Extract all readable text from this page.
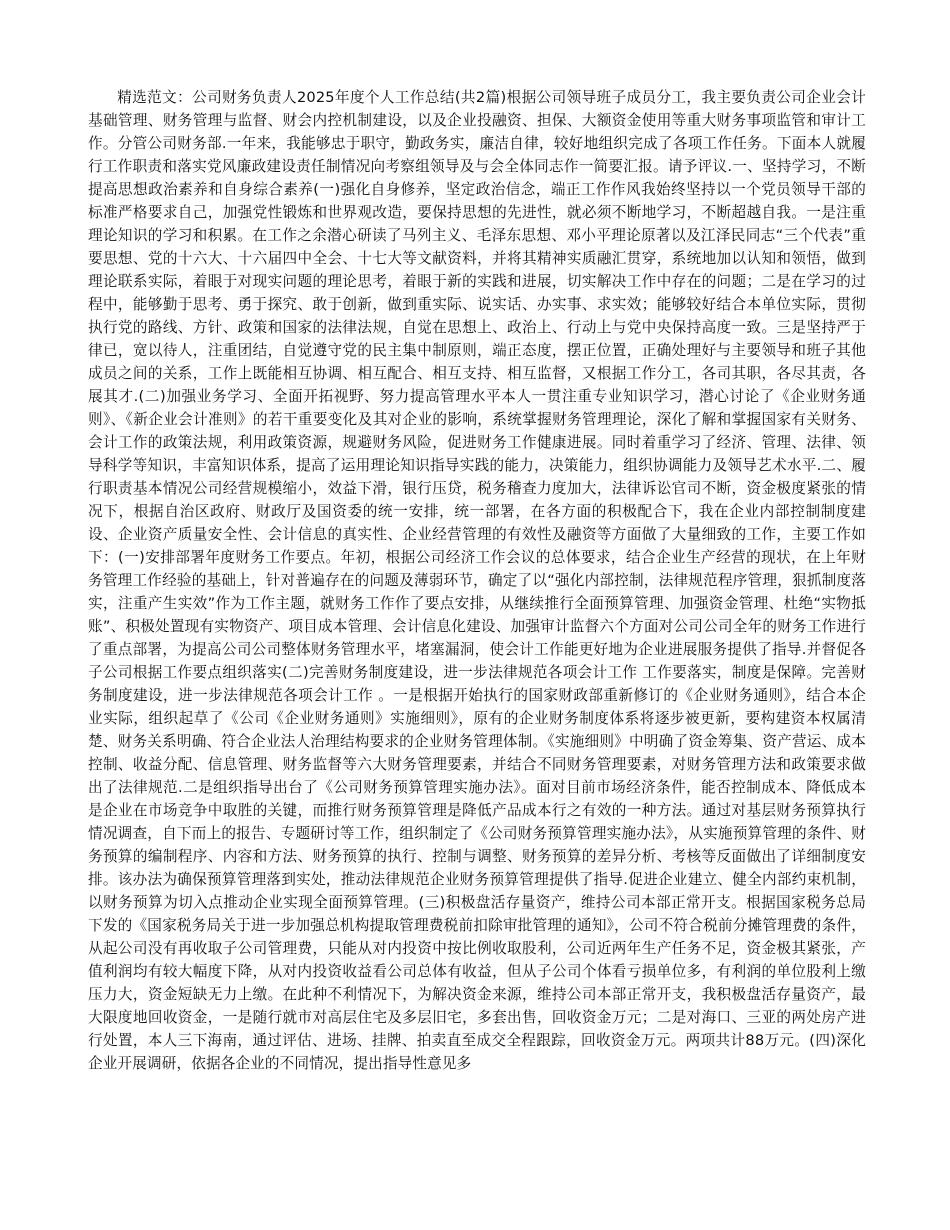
精选范文：公司财务负责人2025年度个人工作总结(共2篇)根据公司领导班子成员分工，我主要负责公司企业会计基础管理、财务管理与监督、财会内控机制建设，以及企业投融资、担保、大额资金使用等重大财务事项监管和审计工作。分管公司财务部.一年来，我能够忠于职守，勤政务实，廉洁自律，较好地组织完成了各项工作任务。下面本人就履行工作职责和落实党风廉政建设责任制情况向考察组领导及与会全体同志作一简要汇报。请予评议.一、坚持学习，不断提高思想政治素养和自身综合素养(一)强化自身修养，坚定政治信念，端正工作作风我始终坚持以一个党员领导干部的标准严格要求自己，加强党性锻炼和世界观改造，要保持思想的先进性，就必须不断地学习，不断超越自我。一是注重理论知识的学习和积累。在工作之余潜心研读了马列主义、毛泽东思想、邓小平理论原著以及江泽民同志“三个代表”重要思想、党的十六大、十六届四中全会、十七大等文献资料，并将其精神实质融汇贯穿，系统地加以认知和领悟，做到理论联系实际，着眼于对现实问题的理论思考，着眼于新的实践和进展，切实解决工作中存在的问题；二是在学习的过程中，能够勤于思考、勇于探究、敢于创新，做到重实际、说实话、办实事、求实效；能够较好结合本单位实际，贯彻执行党的路线、方针、政策和国家的法律法规，自觉在思想上、政治上、行动上与党中央保持高度一致。三是坚持严于律已，宽以待人，注重团结，自觉遵守党的民主集中制原则，端正态度，摆正位置，正确处理好与主要领导和班子其他成员之间的关系，工作上既能相互协调、相互配合、相互支持、相互监督，又根据工作分工，各司其职，各尽其责，各展其才.(二)加强业务学习、全面开拓视野、努力提高管理水平本人一贯注重专业知识学习，潜心讨论了《企业财务通则》、《新企业会计准则》的若干重要变化及其对企业的影响，系统掌握财务管理理论，深化了解和掌握国家有关财务、会计工作的政策法规，利用政策资源，规避财务风险，促进财务工作健康进展。同时着重学习了经济、管理、法律、领导科学等知识，丰富知识体系，提高了运用理论知识指导实践的能力，决策能力，组织协调能力及领导艺术水平.二、履行职责基本情况公司经营规模缩小，效益下滑，银行压贷，税务稽查力度加大，法律诉讼官司不断，资金极度紧张的情况下，根据自治区政府、财政厅及国资委的统一安排，统一部署，在各方面的积极配合下，我在企业内部控制制度建设、企业资产质量安全性、会计信息的真实性、企业经营管理的有效性及融资等方面做了大量细致的工作，主要工作如下：(一)安排部署年度财务工作要点。年初，根据公司经济工作会议的总体要求，结合企业生产经营的现状，在上年财务管理工作经验的基础上，针对普遍存在的问题及薄弱环节，确定了以“强化内部控制，法律规范程序管理，狠抓制度落实，注重产生实效”作为工作主题，就财务工作作了要点安排，从继续推行全面预算管理、加强资金管理、杜绝“实物抵账”、积极处置现有实物资产、项目成本管理、会计信息化建设、加强审计监督六个方面对公司公司全年的财务工作进行了重点部署，为提高公司公司整体财务管理水平，堵塞漏洞，使会计工作能更好地为企业进展服务提供了指导.并督促各子公司根据工作要点组织落实(二)完善财务制度建设，进一步法律规范各项会计工作 工作要落实，制度是保障。完善财务制度建设，进一步法律规范各项会计工作 。一是根据开始执行的国家财政部重新修订的《企业财务通则》，结合本企业实际，组织起草了《公司《企业财务通则》实施细则》，原有的企业财务制度体系将逐步被更新，要构建资本权属清楚、财务关系明确、符合企业法人治理结构要求的企业财务管理体制。《实施细则》中明确了资金筹集、资产营运、成本控制、收益分配、信息管理、财务监督等六大财务管理要素，并结合不同财务管理要素，对财务管理方法和政策要求做出了法律规范.二是组织指导出台了《公司财务预算管理实施办法》。面对目前市场经济条件，能否控制成本、降低成本是企业在市场竞争中取胜的关键，而推行财务预算管理是降低产品成本行之有效的一种方法。通过对基层财务预算执行情况调查，自下而上的报告、专题研讨等工作，组织制定了《公司财务预算管理实施办法》，从实施预算管理的条件、财务预算的编制程序、内容和方法、财务预算的执行、控制与调整、财务预算的差异分析、考核等反面做出了详细制度安排。该办法为确保预算管理落到实处，推动法律规范企业财务预算管理提供了指导.促进企业建立、健全内部约束机制，以财务预算为切入点推动企业实现全面预算管理。(三)积极盘活存量资产，维持公司本部正常开支。根据国家税务总局下发的《国家税务局关于进一步加强总机构提取管理费税前扣除审批管理的通知》，公司不符合税前分摊管理费的条件，从起公司没有再收取子公司管理费，只能从对内投资中按比例收取股利，公司近两年生产任务不足，资金极其紧张，产值利润均有较大幅度下降，从对内投资收益看公司总体有收益，但从子公司个体看亏损单位多，有利润的单位股利上缴压力大，资金短缺无力上缴。在此种不利情况下，为解决资金来源，维持公司本部正常开支，我积极盘活存量资产，最大限度地回收资金，一是随行就市对高层住宅及多层旧宅，多套出售，回收资金万元；二是对海口、三亚的两处房产进行处置，本人三下海南，通过评估、进场、挂牌、拍卖直至成交全程跟踪，回收资金万元。两项共计88万元。(四)深化企业开展调研，依据各企业的不同情况，提出指导性意见多
